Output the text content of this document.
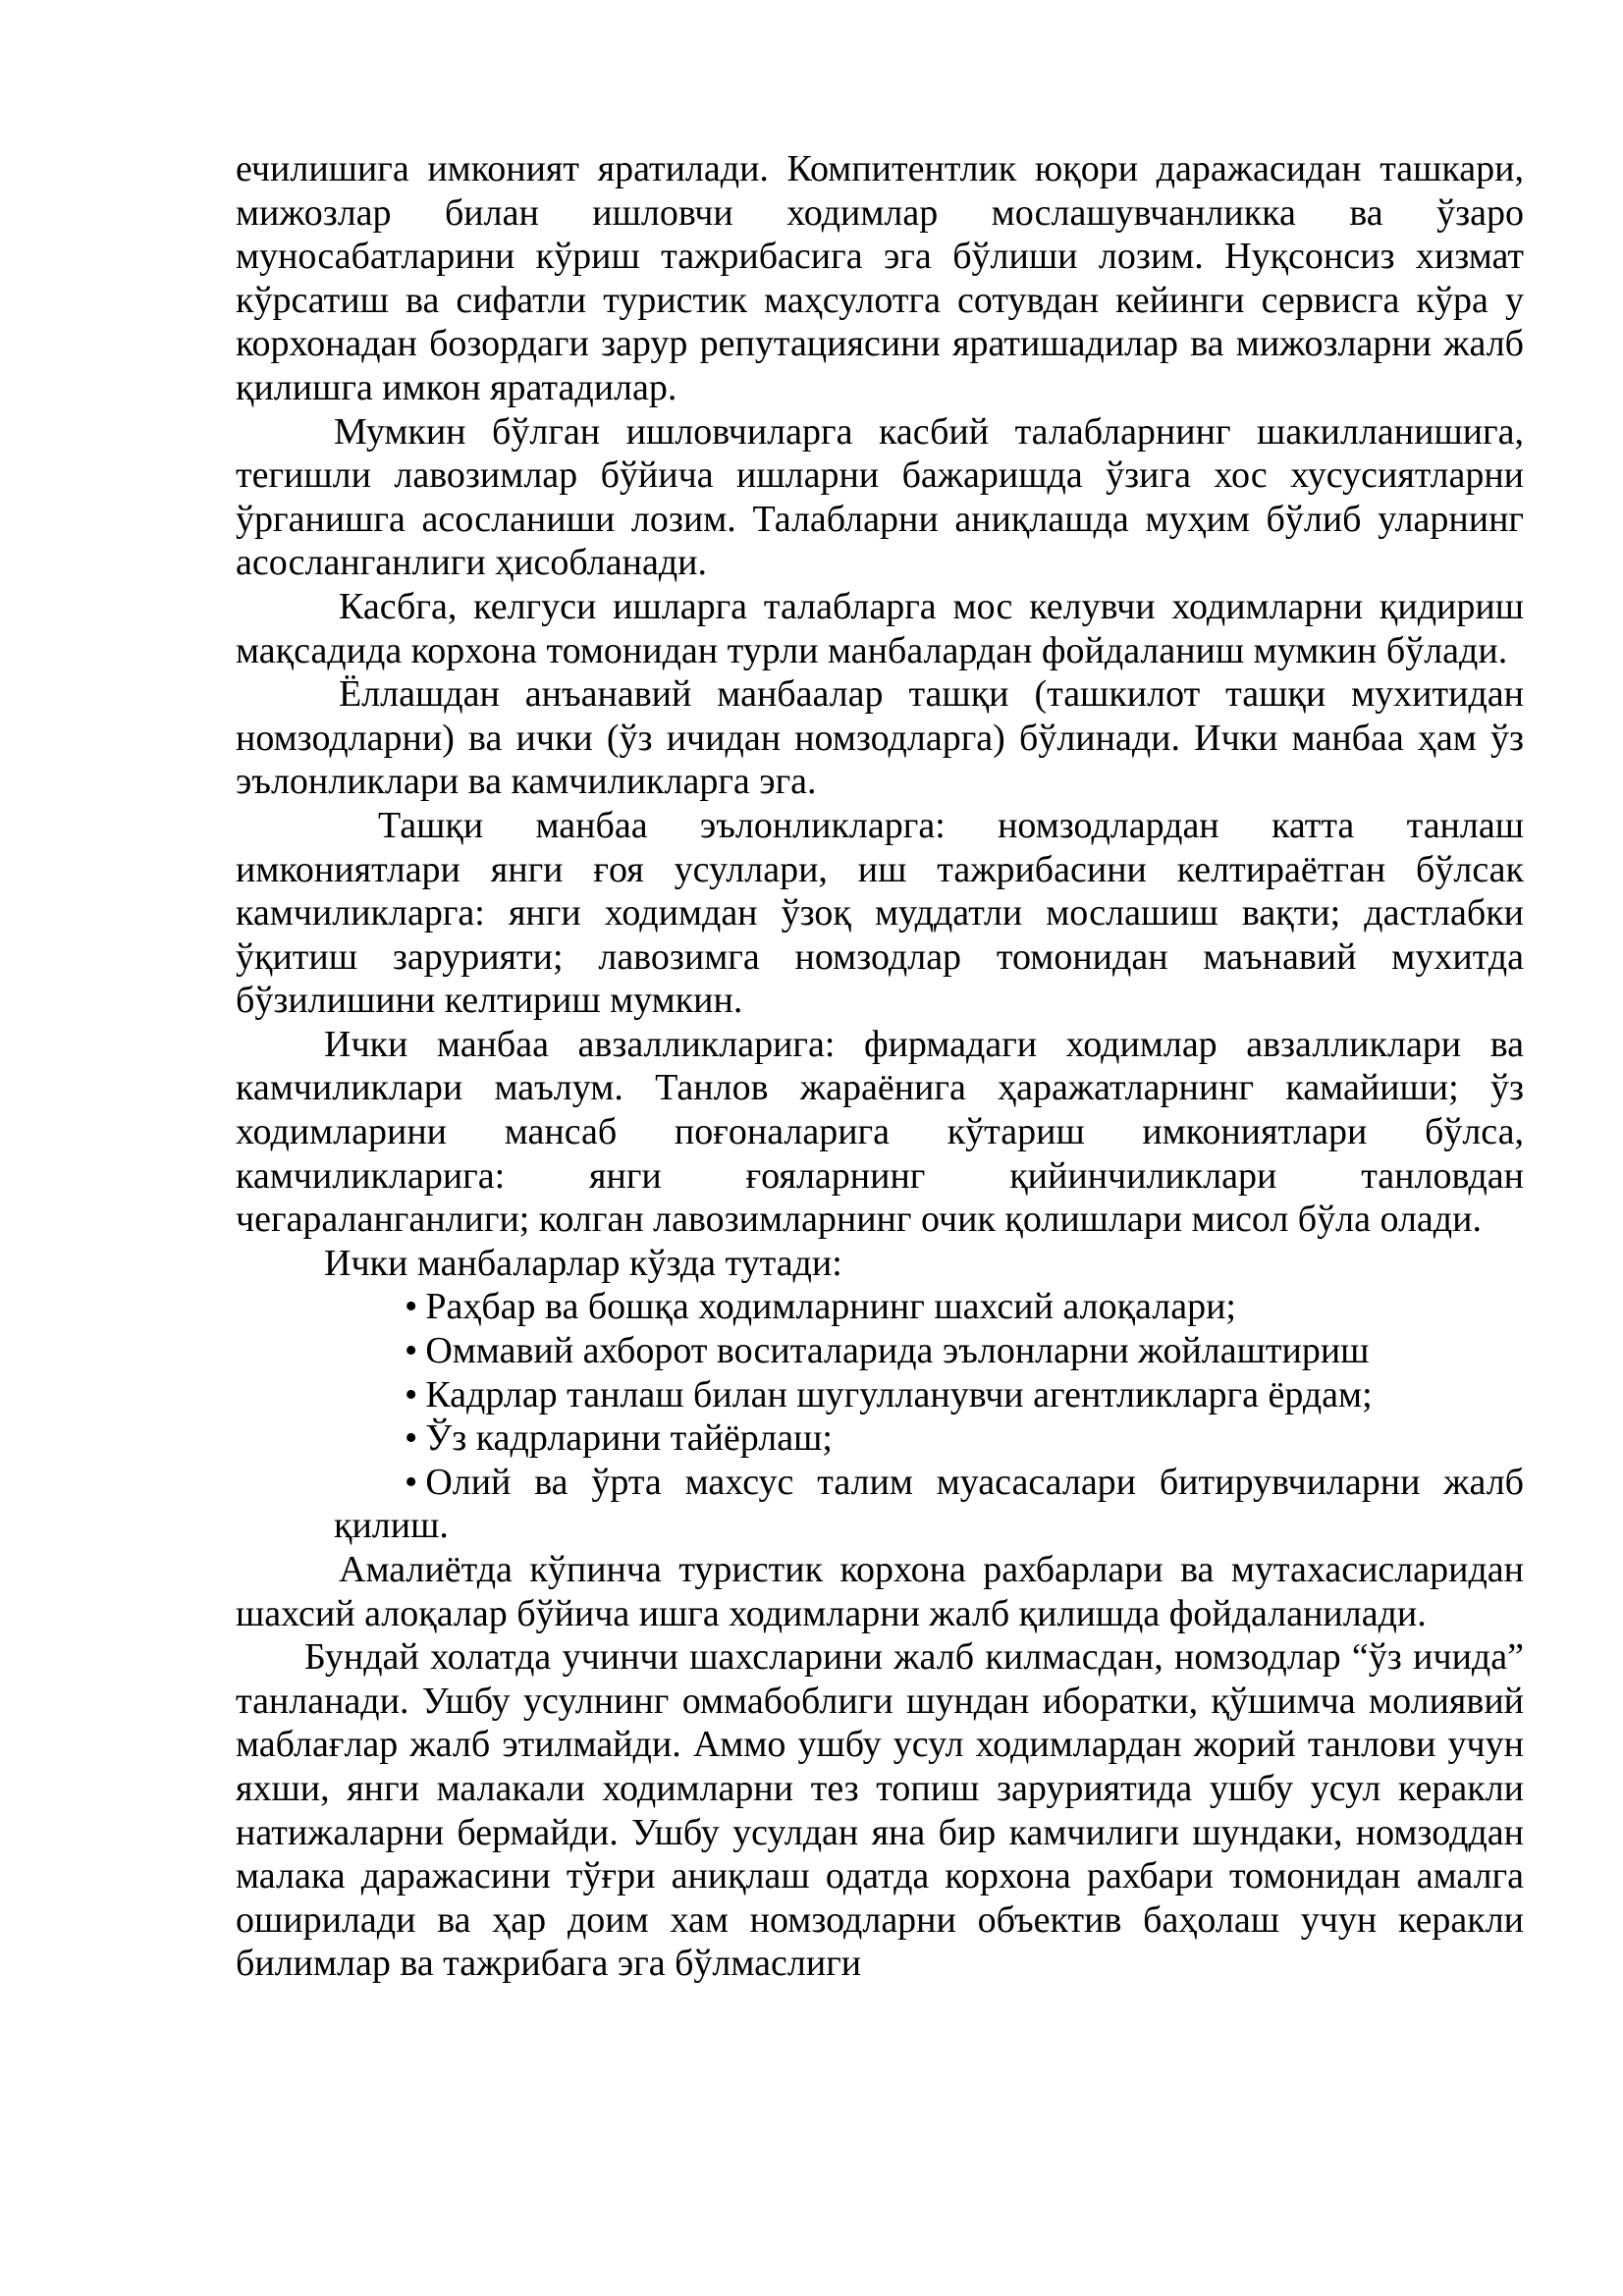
ечилишига имконият яратилади. Компитентлик юқори даражасидан ташкари, мижозлар билан ишловчи ходимлар мослашувчанликка ва ўзаро муносабатларини кўриш тажрибасига эга бўлиши лозим. Нуқсонсиз хизмат кўрсатиш ва сифатли туристик маҳсулотга сотувдан кейинги сервисга кўра у корхонадан бозордаги зарур репутациясини яратишадилар ва мижозларни жалб қилишга имкон яратадилар.

Мумкин бўлган ишловчиларга касбий талабларнинг шакилланишига, тегишли лавозимлар бўйича ишларни бажаришда ўзига хос хусусиятларни ўрганишга асосланиши лозим. Талабларни аниқлашда муҳим бўлиб уларнинг асосланганлиги ҳисобланади.

Касбга, келгуси ишларга талабларга мос келувчи ходимларни қидириш мақсадида корхона томонидан турли манбалардан фойдаланиш мумкин бўлади.

Ёллашдан анъанавий манбаалар ташқи (ташкилот ташқи мухитидан номзодларни) ва ички (ўз ичидан номзодларга) бўлинади. Ички манбаа ҳам ўз эълонликлари ва камчиликларга эга.

Ташқи манбаа эълонликларга: номзодлардан катта танлаш имкониятлари янги ғоя усуллари, иш тажрибасини келтираётган бўлсак камчиликларга: янги ходимдан ўзоқ муддатли мослашиш вақти; дастлабки ўқитиш зарурияти; лавозимга номзодлар томонидан маънавий мухитда бўзилишини келтириш мумкин.

Ички манбаа авзалликларига: фирмадаги ходимлар авзалликлари ва камчиликлари маълум. Танлов жараёнига ҳаражатларнинг камайиши; ўз ходимларини мансаб поғоналарига кўтариш имкониятлари бўлса, камчиликларига: янги ғояларнинг қийинчиликлари танловдан чегараланганлиги; колган лавозимларнинг очик қолишлари мисол бўла олади.

Ички манбаларлар кўзда тутади:

• Раҳбар ва бошқа ходимларнинг шахсий алоқалари;
• Оммавий ахборот воситаларида эълонларни жойлаштириш
• Кадрлар танлаш билан шугулланувчи агентликларга ёрдам;
• Ўз кадрларини тайёрлаш;
• Олий ва ўрта махсус талим муасасалари битирувчиларни жалб қилиш.

Амалиётда кўпинча туристик корхона рахбарлари ва мутахасисларидан шахсий алоқалар бўйича ишга ходимларни жалб қилишда фойдаланилади.

Бундай холатда учинчи шахсларини жалб килмасдан, номзодлар “ўз ичида” танланади. Ушбу усулнинг оммабоблиги шундан иборатки, қўшимча молиявий маблағлар жалб этилмайди. Аммо ушбу усул ходимлардан жорий танлови учун яхши, янги малакали ходимларни тез топиш заруриятида ушбу усул керакли натижаларни бермайди. Ушбу усулдан яна бир камчилиги шундаки, номзоддан малака даражасини тўғри аниқлаш одатда корхона рахбари томонидан амалга оширилади ва ҳар доим хам номзодларни объектив баҳолаш учун керакли билимлар ва тажрибага эга бўлмаслиги
